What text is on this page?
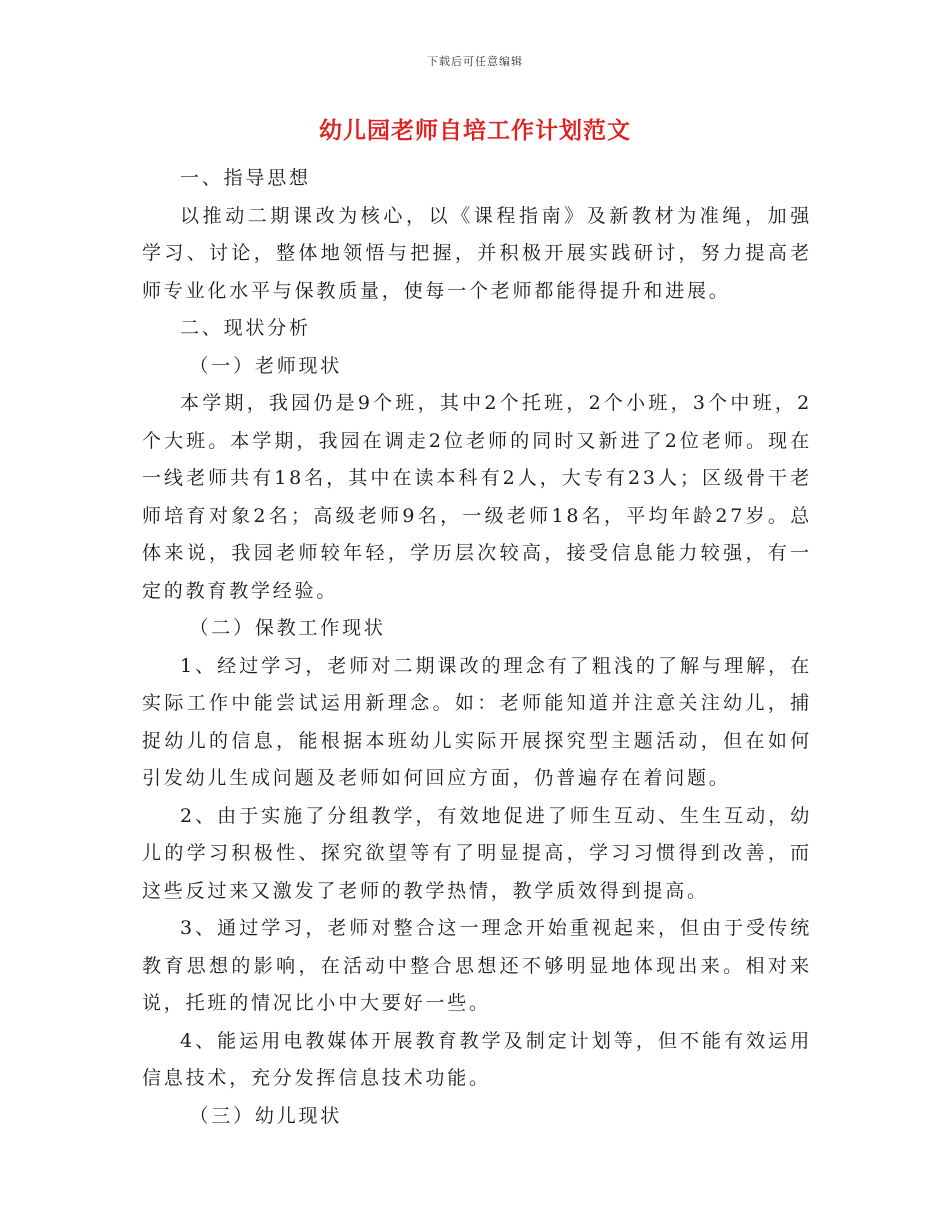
下载后可任意编辑
幼儿园老师自培工作计划范文

一、指导思想

以推动二期课改为核心，以《课程指南》及新教材为准绳，加强学习、讨论，整体地领悟与把握，并积极开展实践研讨，努力提高老师专业化水平与保教质量，使每一个老师都能得提升和进展。

二、现状分析

（一）老师现状

本学期，我园仍是9个班，其中2个托班，2个小班，3个中班，2个大班。本学期，我园在调走2位老师的同时又新进了2位老师。现在一线老师共有18名，其中在读本科有2人，大专有23人；区级骨干老师培育对象2名；高级老师9名，一级老师18名，平均年龄27岁。总体来说，我园老师较年轻，学历层次较高，接受信息能力较强，有一定的教育教学经验。

（二）保教工作现状

1、经过学习，老师对二期课改的理念有了粗浅的了解与理解，在实际工作中能尝试运用新理念。如：老师能知道并注意关注幼儿，捕捉幼儿的信息，能根据本班幼儿实际开展探究型主题活动，但在如何引发幼儿生成问题及老师如何回应方面，仍普遍存在着问题。

2、由于实施了分组教学，有效地促进了师生互动、生生互动，幼儿的学习积极性、探究欲望等有了明显提高，学习习惯得到改善，而这些反过来又激发了老师的教学热情，教学质效得到提高。

3、通过学习，老师对整合这一理念开始重视起来，但由于受传统教育思想的影响，在活动中整合思想还不够明显地体现出来。相对来说，托班的情况比小中大要好一些。

4、能运用电教媒体开展教育教学及制定计划等，但不能有效运用信息技术，充分发挥信息技术功能。

（三）幼儿现状
